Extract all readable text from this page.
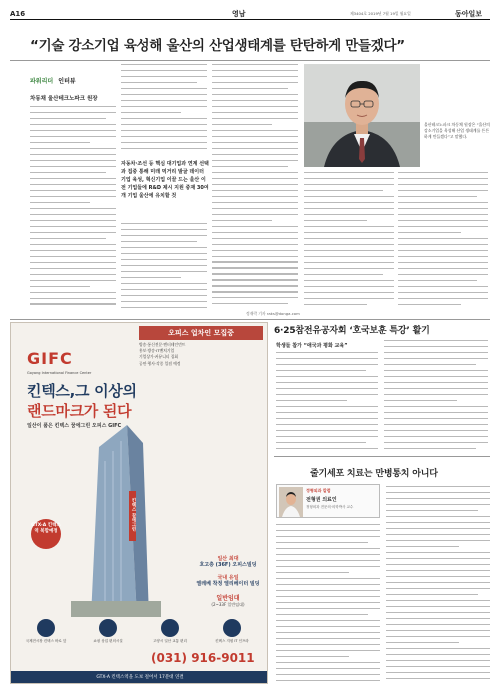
A16	영남	제3404호 2019년 7월 19일 월요일	동아일보
“기술 강소기업 육성해 울산의 산업생태계를 탄탄하게 만들겠다”
파워리더 인터뷰
차동채 울산테크노파크 원장
자동차·조선 등 핵심 대기업과 연계 선택과 집중 통해 미래 먹거리 발굴 데이터 기업 육성, 혁신기업 이끌 드는 울산 이전 기업들에 R&D 제시 지원 중재 30여개 기업 울산에 유치할 것
울산테크노파크 차동채 원장은 “울산의 강소기업을 육성해 산업 생태계를 튼튼하게 만들겠다”고 말했다.
정재락 기자 raks@donga.com
오피스 업차인 모집중
방송·통신전문·엔터테인먼트
홍보·방송·IT벤처기업
기업상가·커뮤니티 집회
공연·행사·각종 입점 예정
GIFC
Goyang International Finance Center
킨텍스,그 이상의
랜드마크가 된다
일산이 품은 킨텍스 꿈에그린 오피스 GIFC
GTX-A 킨텍스역 복합예정
킨텍스 꿈에그린
일산 최대
호고층 (36F) 오피스빌딩
국내 유일
엘레베 착정 엘리베이터 빌딩
일반임대
(2~33F 일반임대)
국제전시장 킨텍스 바로 앞	쇼핑 상업 편의시설	고양시 일산 교통 편리	킨텍스 지원 IT 인프라
(031) 916-9011
GTX-A 킨텍스역을 도보 걸어서 17분대 연결
6·25참전유공자회 ‘호국보훈 특강’ 활기
학생들 참가 “애국과 평화 교육”
줄기세포 치료는 만병통치 아니다
정형외과 칼럼
전형권 의료인
정형외과 전문의·의학박사 교수
